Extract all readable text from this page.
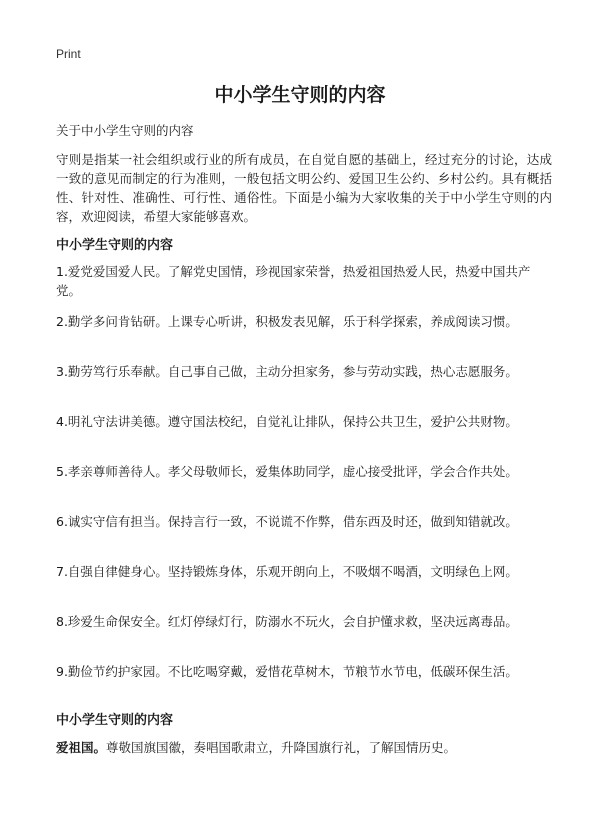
Print
中小学生守则的内容
关于中小学生守则的内容
守则是指某一社会组织或行业的所有成员，在自觉自愿的基础上，经过充分的讨论，达成一致的意见而制定的行为准则，一般包括文明公约、爱国卫生公约、乡村公约。具有概括性、针对性、准确性、可行性、通俗性。下面是小编为大家收集的关于中小学生守则的内容，欢迎阅读，希望大家能够喜欢。
中小学生守则的内容
1.爱党爱国爱人民。了解党史国情，珍视国家荣誉，热爱祖国热爱人民，热爱中国共产党。
2.勤学多问肯钻研。上课专心听讲，积极发表见解，乐于科学探索，养成阅读习惯。
3.勤劳笃行乐奉献。自己事自己做，主动分担家务，参与劳动实践，热心志愿服务。
4.明礼守法讲美德。遵守国法校纪，自觉礼让排队，保持公共卫生，爱护公共财物。
5.孝亲尊师善待人。孝父母敬师长，爱集体助同学，虚心接受批评，学会合作共处。
6.诚实守信有担当。保持言行一致，不说谎不作弊，借东西及时还，做到知错就改。
7.自强自律健身心。坚持锻炼身体，乐观开朗向上，不吸烟不喝酒，文明绿色上网。
8.珍爱生命保安全。红灯停绿灯行，防溺水不玩火，会自护懂求救，坚决远离毒品。
9.勤俭节约护家园。不比吃喝穿戴，爱惜花草树木，节粮节水节电，低碳环保生活。
中小学生守则的内容
爱祖国。尊敬国旗国徽，奏唱国歌肃立，升降国旗行礼，了解国情历史。
